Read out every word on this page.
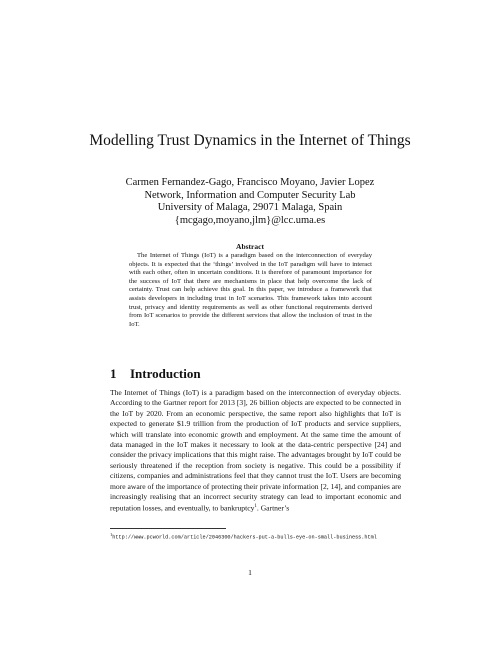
Modelling Trust Dynamics in the Internet of Things
Carmen Fernandez-Gago, Francisco Moyano, Javier Lopez
Network, Information and Computer Security Lab
University of Malaga, 29071 Malaga, Spain
{mcgago,moyano,jlm}@lcc.uma.es
Abstract

The Internet of Things (IoT) is a paradigm based on the interconnection of everyday objects. It is expected that the ‘things’ involved in the IoT paradigm will have to interact with each other, often in uncertain conditions. It is therefore of paramount importance for the success of IoT that there are mechanisms in place that help overcome the lack of certainty. Trust can help achieve this goal. In this paper, we introduce a framework that assists developers in including trust in IoT scenarios. This framework takes into account trust, privacy and identity requirements as well as other functional requirements derived from IoT scenarios to provide the different services that allow the inclusion of trust in the IoT.

1 Introduction

The Internet of Things (IoT) is a paradigm based on the interconnection of everyday objects. According to the Gartner report for 2013 [3], 26 billion objects are expected to be connected in the IoT by 2020. From an economic perspective, the same report also highlights that IoT is expected to generate $1.9 trillion from the production of IoT products and service suppliers, which will translate into economic growth and employment. At the same time the amount of data managed in the IoT makes it necessary to look at the data-centric perspective [24] and consider the privacy implications that this might raise. The advantages brought by IoT could be seriously threatened if the reception from society is negative. This could be a possibility if citizens, companies and administrations feel that they cannot trust the IoT. Users are becoming more aware of the importance of protecting their private information [2, 14], and companies are increasingly realising that an incorrect security strategy can lead to important economic and reputation losses, and eventually, to bankruptcy$^1$. Gartner’s

$^1$http://www.pcworld.com/article/2046300/hackers-put-a-bulls-eye-on-small-business.html

1
